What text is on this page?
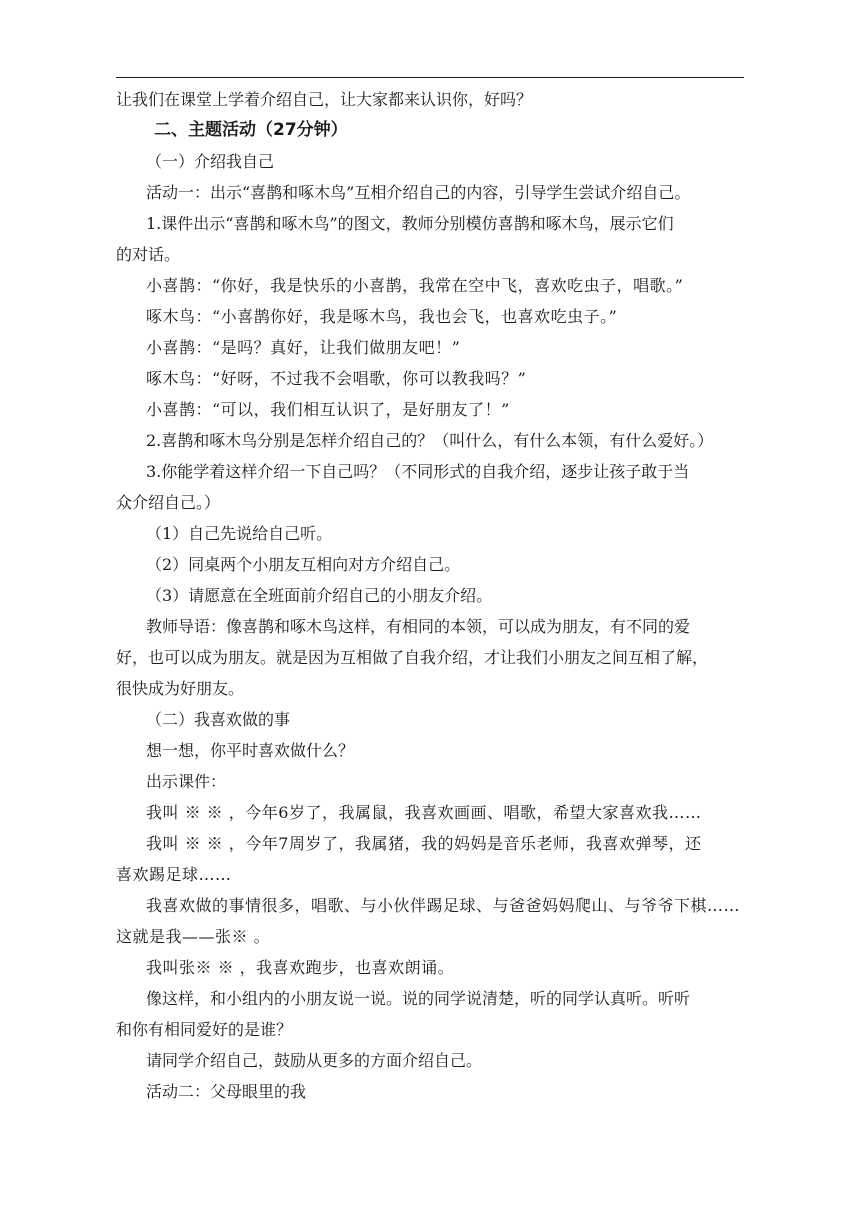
让我们在课堂上学着介绍自己，让大家都来认识你，好吗？
二、主题活动（27分钟）
（一）介绍我自己
活动一：出示“喜鹊和啄木鸟”互相介绍自己的内容，引导学生尝试介绍自己。
1.课件出示“喜鹊和啄木鸟”的图文，教师分别模仿喜鹊和啄木鸟，展示它们
的对话。
小喜鹊：“你好，我是快乐的小喜鹊，我常在空中飞，喜欢吃虫子，唱歌。”
啄木鸟：“小喜鹊你好，我是啄木鸟，我也会飞，也喜欢吃虫子。”
小喜鹊：“是吗？真好，让我们做朋友吧！”
啄木鸟：“好呀，不过我不会唱歌，你可以教我吗？”
小喜鹊：“可以，我们相互认识了，是好朋友了！”
2.喜鹊和啄木鸟分别是怎样介绍自己的？（叫什么，有什么本领，有什么爱好。）
3.你能学着这样介绍一下自己吗？（不同形式的自我介绍，逐步让孩子敢于当
众介绍自己。）
（1）自己先说给自己听。
（2）同桌两个小朋友互相向对方介绍自己。
（3）请愿意在全班面前介绍自己的小朋友介绍。
教师导语：像喜鹊和啄木鸟这样，有相同的本领，可以成为朋友，有不同的爱
好，也可以成为朋友。就是因为互相做了自我介绍，才让我们小朋友之间互相了解，
很快成为好朋友。
（二）我喜欢做的事
想一想，你平时喜欢做什么？
出示课件：
我叫 ※ ※ ，今年6岁了，我属鼠，我喜欢画画、唱歌，希望大家喜欢我……
我叫 ※ ※ ，今年7周岁了，我属猪，我的妈妈是音乐老师，我喜欢弹琴，还
喜欢踢足球……
我喜欢做的事情很多，唱歌、与小伙伴踢足球、与爸爸妈妈爬山、与爷爷下棋……
这就是我——张※ 。
我叫张※ ※ ，我喜欢跑步，也喜欢朗诵。
像这样，和小组内的小朋友说一说。说的同学说清楚，听的同学认真听。听听
和你有相同爱好的是谁？
请同学介绍自己，鼓励从更多的方面介绍自己。
活动二：父母眼里的我
